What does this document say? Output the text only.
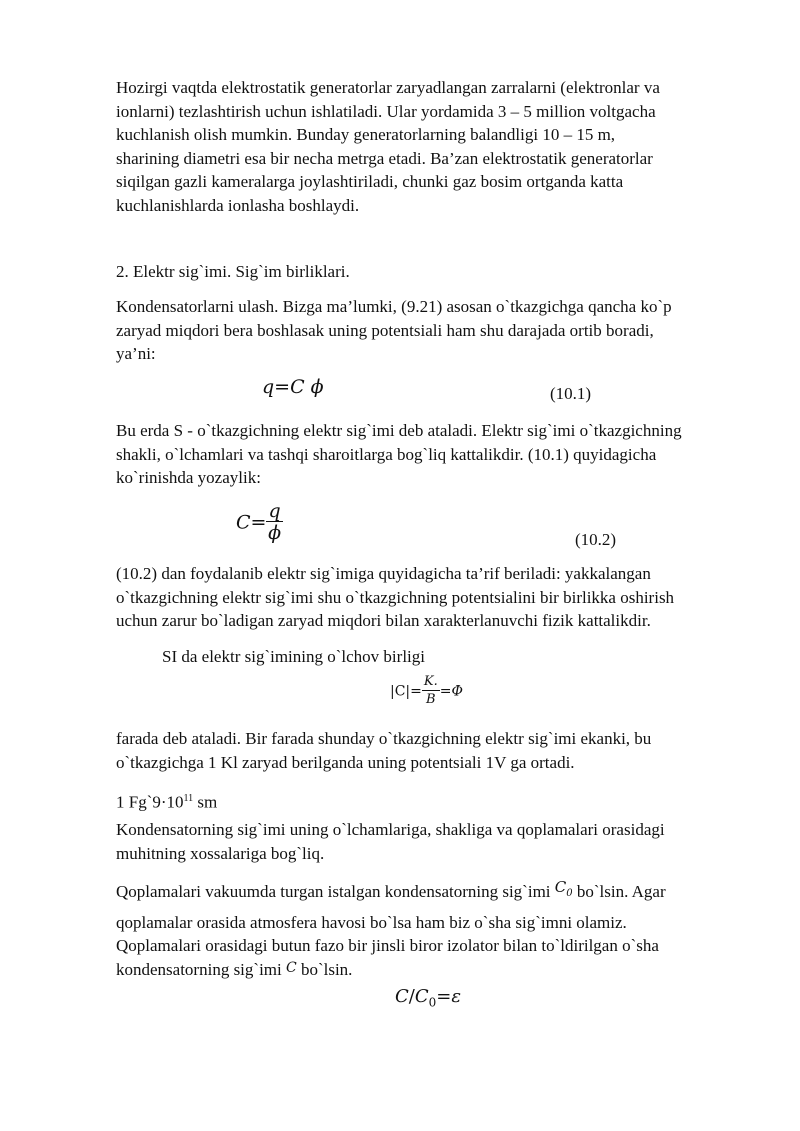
Hozirgi vaqtda elektrostatik generatorlar zaryadlangan zarralarni (elektronlar va
ionlarni) tezlashtirish uchun ishlatiladi. Ular yordamida 3 – 5 million voltgacha
kuchlanish olish mumkin. Bunday generatorlarning balandligi 10 – 15 m,
sharining diametri esa bir necha metrga etadi. Ba’zan elektrostatik generatorlar
siqilgan gazli kameralarga joylashtiriladi, chunki gaz bosim ortganda katta
kuchlanishlarda ionlasha boshlaydi.
2. Elektr sig`imi. Sig`im birliklari.
Kondensatorlarni ulash. Bizga ma’lumki, (9.21) asosan o`tkazgichga qancha ko`p
zaryad miqdori bera boshlasak uning potentsiali ham shu darajada ortib boradi,
ya’ni:
q=C ϕ	(10.1)
Bu erda S - o`tkazgichning elektr sig`imi deb ataladi. Elektr sig`imi o`tkazgichning
shakli, o`lchamlari va tashqi sharoitlarga bog`liq kattalikdir. (10.1) quyidagicha
ko`rinishda yozaylik:
$C= \frac{q}{\phi}$	(10.2)
(10.2) dan foydalanib elektr sig`imiga quyidagicha ta’rif beriladi: yakkalangan
o`tkazgichning elektr sig`imi shu o`tkazgichning potentsialini bir birlikka oshirish
uchun zarur bo`ladigan zaryad miqdori bilan xarakterlanuvchi fizik kattalikdir.
SI da elektr sig`imining o`lchov birligi
$|C|= \frac{K.}{B} =\Phi$
farada deb ataladi. Bir farada shunday o`tkazgichning elektr sig`imi ekanki, bu
o`tkazgichga 1 Kl zaryad berilganda uning potentsiali 1V ga ortadi.
1 $Fg`9\cdot 10^{11}$ sm
Kondensatorning sig`imi uning o`lchamlariga, shakliga va qoplamalari orasidagi
muhitning xossalariga bog`liq.
Qoplamalari vakuumda turgan istalgan kondensatorning sig`imi $C_0$ bo`lsin. Agar
qoplamalar orasida atmosfera havosi bo`lsa ham biz o`sha sig`imni olamiz.
Qoplamalari orasidagi butun fazo bir jinsli biror izolator bilan to`ldirilgan o`sha
kondensatorning sig`imi C bo`lsin.
$C/C_0=\varepsilon$
